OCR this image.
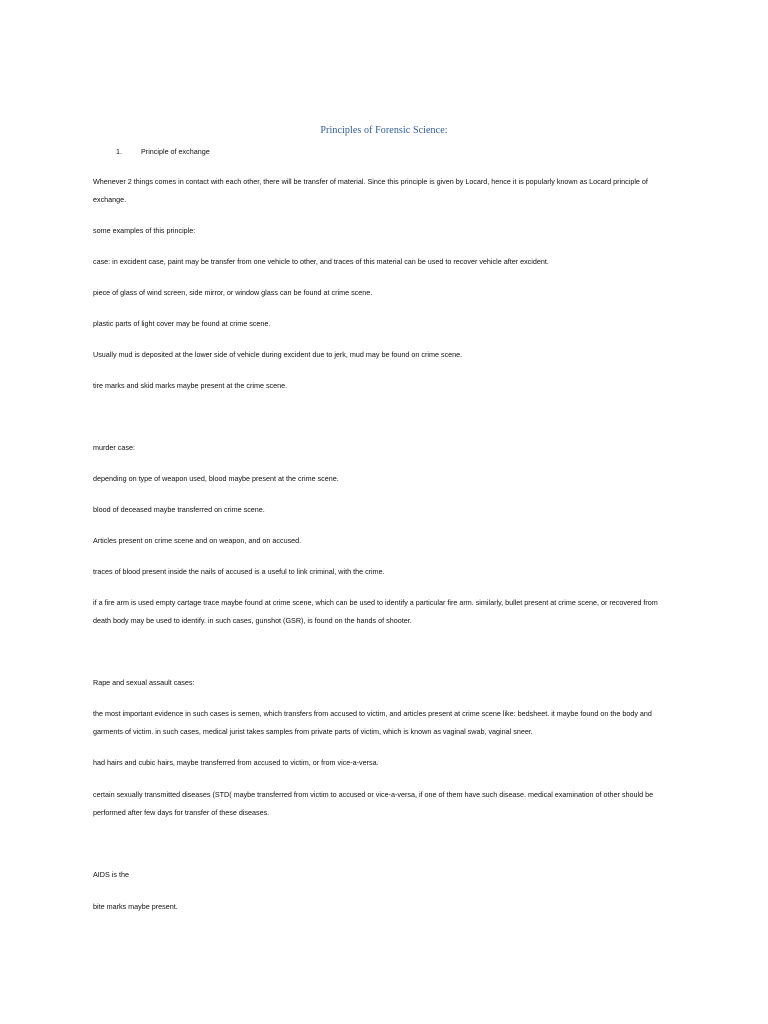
Principles of Forensic Science:
1.	Principle of exchange

Whenever 2 things comes in contact with each other, there will be transfer of material. Since this principle is given by Locard, hence it is popularly known as Locard principle of exchange.

some examples of this principle:

case: in excident case, paint may be transfer from one vehicle to other, and traces of this material can be used to recover vehicle after excident.

piece of glass of wind screen, side mirror, or window glass can be found at crime scene.

plastic parts of light cover may be found at crime scene.

Usually mud is deposited at the lower side of vehicle during excident due to jerk, mud may be found on crime scene.

tire marks and skid marks maybe present at the crime scene.

murder case:

depending on type of weapon used, blood maybe present at the crime scene.

blood of deceased maybe transferred on crime scene.

Articles present on crime scene and on weapon, and on accused.

traces of blood present inside the nails of accused is a useful to link criminal, with the crime.

if a fire arm is used empty cartage trace maybe found at crime scene, which can be used to identify a particular fire arm. similarly, bullet present at crime scene, or recovered from death body may be used to identify. in such cases, gunshot (GSR), is found on the hands of shooter.

Rape and sexual assault cases:

the most important evidence in such cases is semen, which transfers from accused to victim, and articles present at crime scene like: bedsheet. it maybe found on the body and garments of victim. in such cases, medical jurist takes samples from private parts of victim, which is known as vaginal swab, vaginal sneer.

had hairs and cubic hairs, maybe transferred from accused to victim, or from vice-a-versa.

certain sexually transmitted diseases (STD( maybe transferred from victim to accused or vice-a-versa, if one of them have such disease. medical examination of other should be performed after few days for transfer of these diseases.

AIDS is the

bite marks maybe present.
